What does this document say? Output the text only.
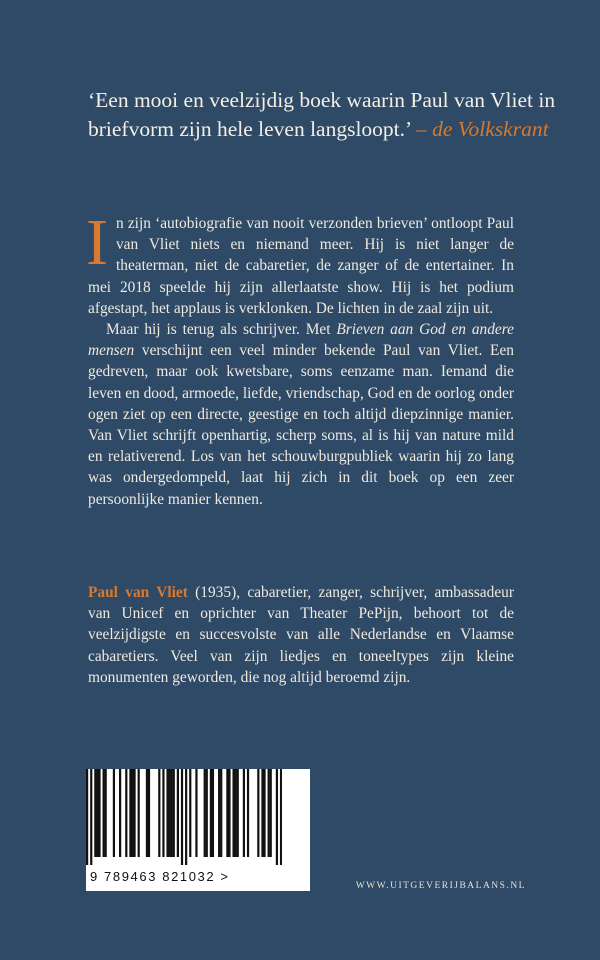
‘Een mooi en veelzijdig boek waarin Paul van Vliet in briefvorm zijn hele leven langsloopt.’ – de Volkskrant

In zijn ‘autobiografie van nooit verzonden brieven’ ontloopt Paul van Vliet niets en niemand meer. Hij is niet langer de theaterman, niet de cabaretier, de zanger of de entertainer. In mei 2018 speelde hij zijn allerlaatste show. Hij is het podium afgestapt, het applaus is verklonken. De lichten in de zaal zijn uit.

Maar hij is terug als schrijver. Met Brieven aan God en andere mensen verschijnt een veel minder bekende Paul van Vliet. Een gedreven, maar ook kwetsbare, soms eenzame man. Iemand die leven en dood, armoede, liefde, vriendschap, God en de oorlog onder ogen ziet op een directe, geestige en toch altijd diepzinnige manier. Van Vliet schrijft openhartig, scherp soms, al is hij van nature mild en relativerend. Los van het schouwburgpubliek waarin hij zo lang was ondergedompeld, laat hij zich in dit boek op een zeer persoonlijke manier kennen.

Paul van Vliet (1935), cabaretier, zanger, schrijver, ambassadeur van Unicef en oprichter van Theater PePijn, behoort tot de veelzijdigste en succesvolste van alle Nederlandse en Vlaamse cabaretiers. Veel van zijn liedjes en toneeltypes zijn kleine monumenten geworden, die nog altijd beroemd zijn.

9 789463 821032 >
WWW.UITGEVERIJBALANS.NL
